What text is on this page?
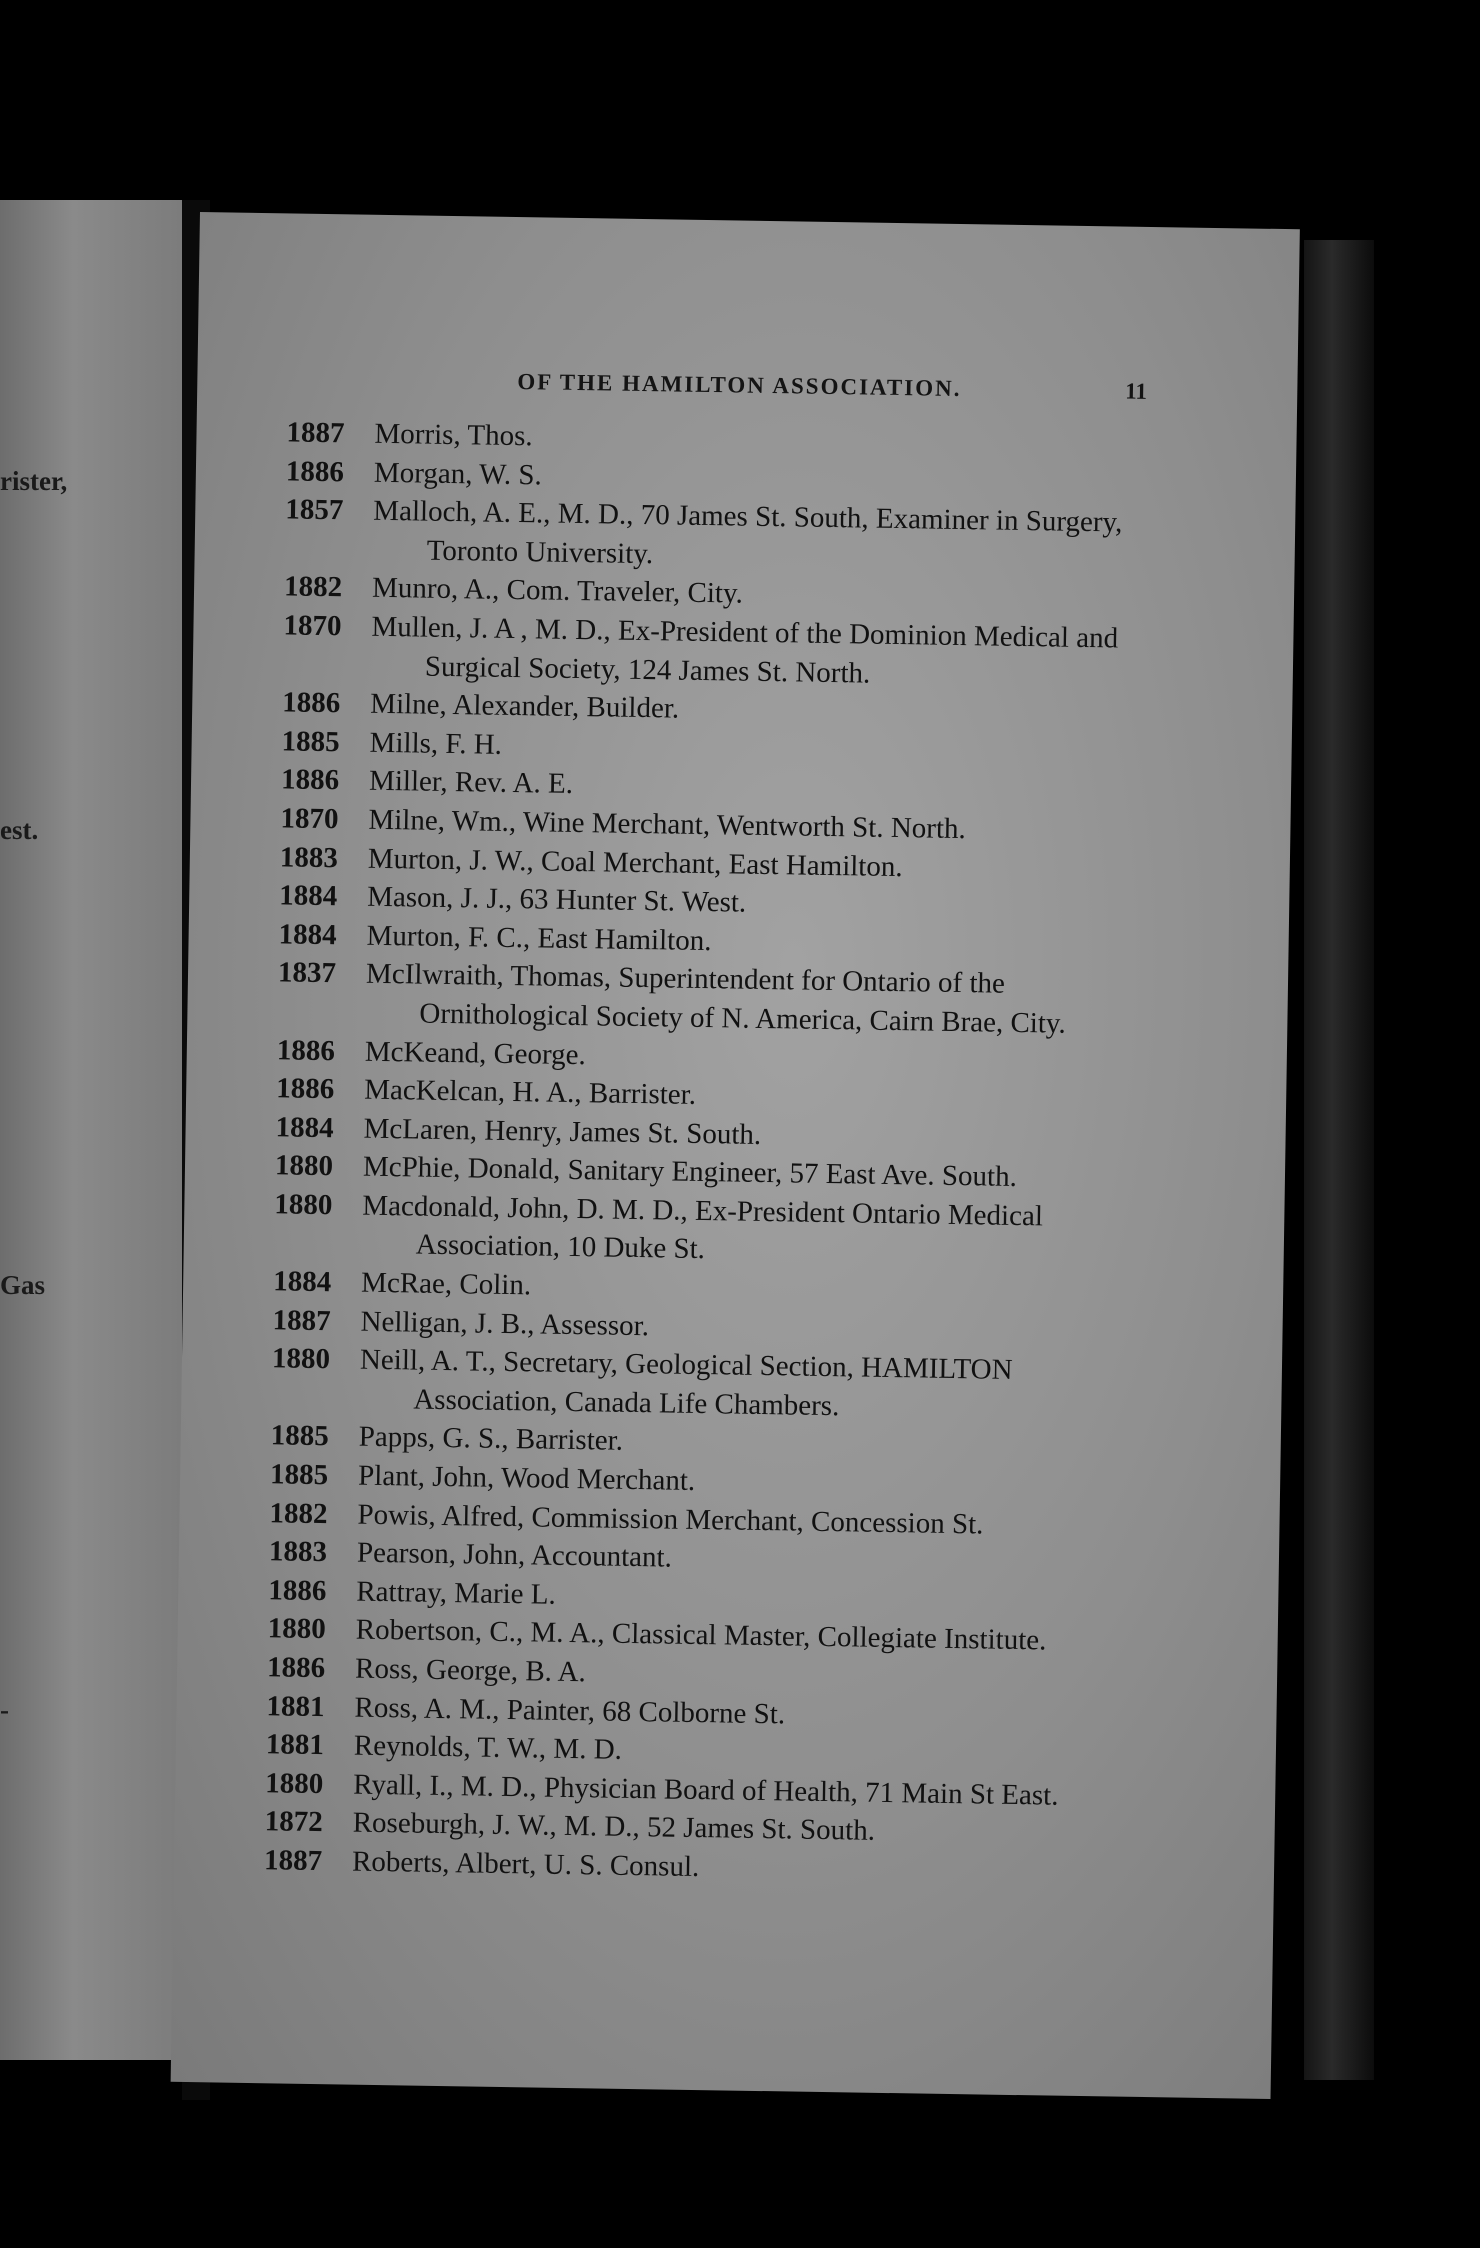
rister,
est.
Gas
-
OF THE HAMILTON ASSOCIATION.	11
1887	Morris, Thos.
1886	Morgan, W. S.
1857	Malloch, A. E., M. D., 70 James St. South, Examiner in Surgery, Toronto University.
1882	Munro, A., Com. Traveler, City.
1870	Mullen, J. A , M. D., Ex-President of the Dominion Medical and Surgical Society, 124 James St. North.
1886	Milne, Alexander, Builder.
1885	Mills, F. H.
1886	Miller, Rev. A. E.
1870	Milne, Wm., Wine Merchant, Wentworth St. North.
1883	Murton, J. W., Coal Merchant, East Hamilton.
1884	Mason, J. J., 63 Hunter St. West.
1884	Murton, F. C., East Hamilton.
1837	McIlwraith, Thomas, Superintendent for Ontario of the Ornithological Society of N. America, Cairn Brae, City.
1886	McKeand, George.
1886	MacKelcan, H. A., Barrister.
1884	McLaren, Henry, James St. South.
1880	McPhie, Donald, Sanitary Engineer, 57 East Ave. South.
1880	Macdonald, John, D. M. D., Ex-President Ontario Medical Association, 10 Duke St.
1884	McRae, Colin.
1887	Nelligan, J. B., Assessor.
1880	Neill, A. T., Secretary, Geological Section, HAMILTON Association, Canada Life Chambers.
1885	Papps, G. S., Barrister.
1885	Plant, John, Wood Merchant.
1882	Powis, Alfred, Commission Merchant, Concession St.
1883	Pearson, John, Accountant.
1886	Rattray, Marie L.
1880	Robertson, C., M. A., Classical Master, Collegiate Institute.
1886	Ross, George, B. A.
1881	Ross, A. M., Painter, 68 Colborne St.
1881	Reynolds, T. W., M. D.
1880	Ryall, I., M. D., Physician Board of Health, 71 Main St East.
1872	Roseburgh, J. W., M. D., 52 James St. South.
1887	Roberts, Albert, U. S. Consul.
